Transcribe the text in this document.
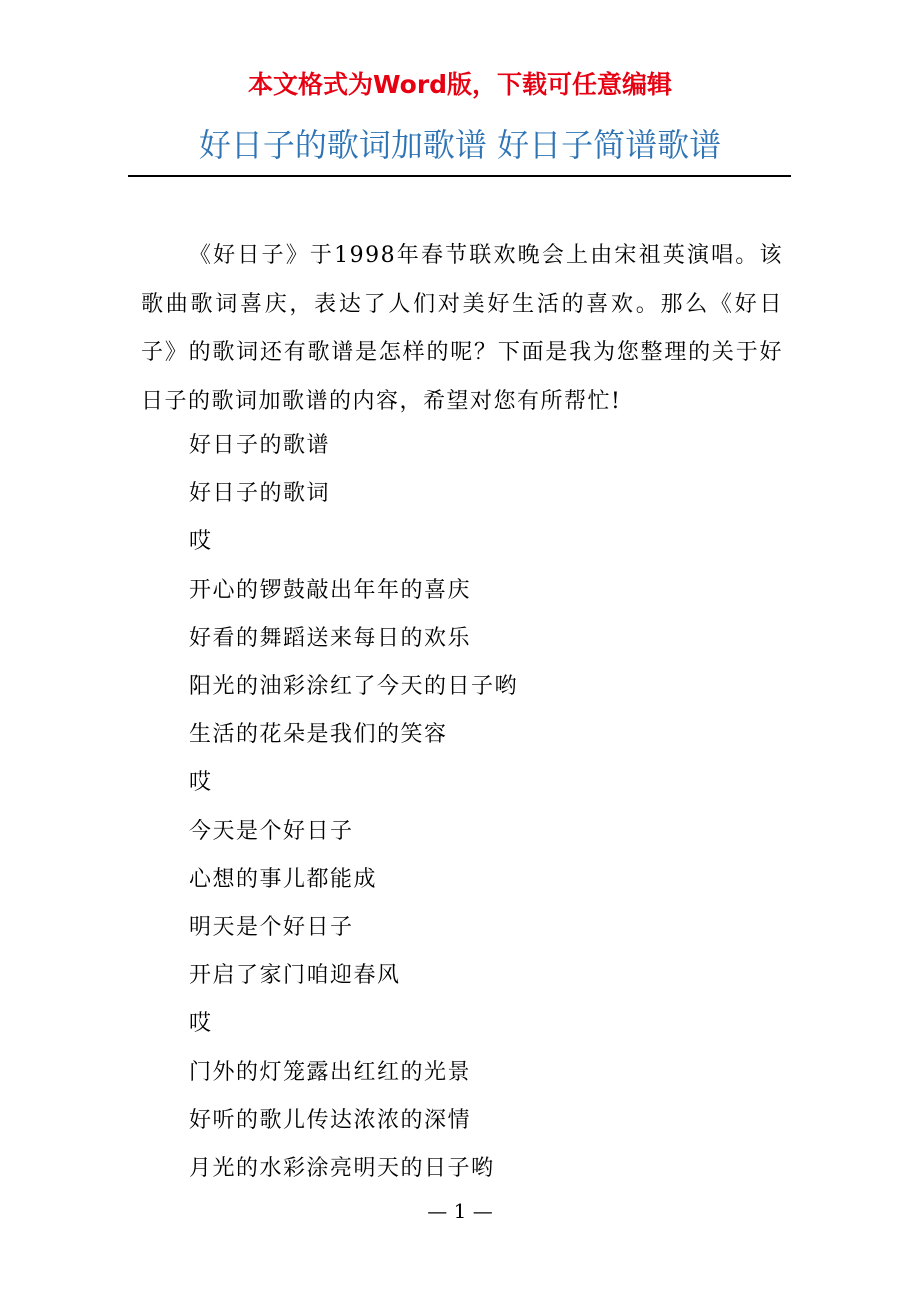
本文格式为Word版，下载可任意编辑
好日子的歌词加歌谱 好日子简谱歌谱

《好日子》于1998年春节联欢晚会上由宋祖英演唱。该歌曲歌词喜庆，表达了人们对美好生活的喜欢。那么《好日子》的歌词还有歌谱是怎样的呢？下面是我为您整理的关于好日子的歌词加歌谱的内容，希望对您有所帮忙!

好日子的歌谱
好日子的歌词
哎
开心的锣鼓敲出年年的喜庆
好看的舞蹈送来每日的欢乐
阳光的油彩涂红了今天的日子哟
生活的花朵是我们的笑容
哎
今天是个好日子
心想的事儿都能成
明天是个好日子
开启了家门咱迎春风
哎
门外的灯笼露出红红的光景
好听的歌儿传达浓浓的深情
月光的水彩涂亮明天的日子哟
— 1 —
